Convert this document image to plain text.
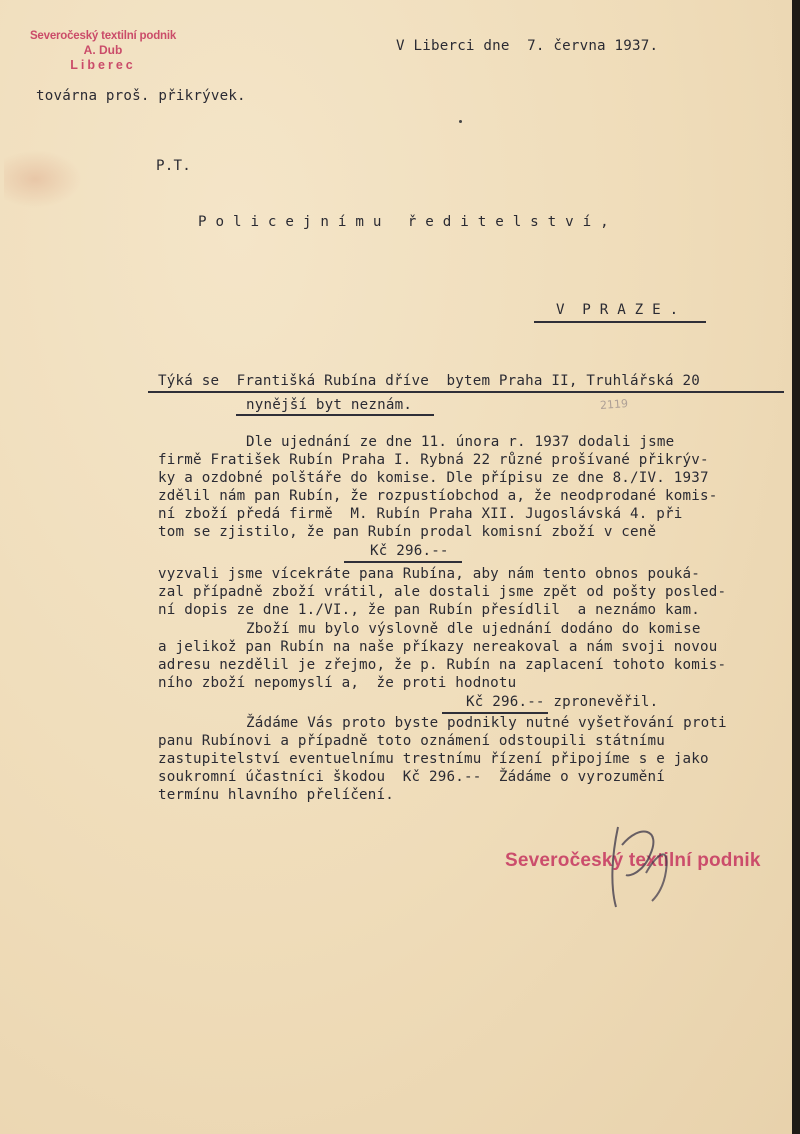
Severočeský textilní podnik
A. Dub
Liberec
V Liberci dne  7. června 1937.
továrna proš. přikrývek.
P.T.
P o l i c e j n í m u   ř e d i t e l s t v í ,
V  P R A Z E .
Týká se  Františká Rubína dříve  bytem Praha II, Truhlářská 20
nynější byt neznám.	2119
Dle ujednání ze dne 11. února r. 1937 dodali jsme
firmě Fratišek Rubín Praha I. Rybná 22 různé prošívané přikrýv-
ky a ozdobné polštáře do komise. Dle přípisu ze dne 8./IV. 1937
zdělil nám pan Rubín, že rozpustíobchod a, že neodprodané komis-
ní zboží předá firmě  M. Rubín Praha XII. Jugoslávská 4. při
tom se zjistilo, že pan Rubín prodal komisní zboží v ceně
Kč 296.--
vyzvali jsme vícekráte pana Rubína, aby nám tento obnos pouká-
zal případně zboží vrátil, ale dostali jsme zpět od pošty posled-
ní dopis ze dne 1./VI., že pan Rubín přesídlil  a neznámo kam.
Zboží mu bylo výslovně dle ujednání dodáno do komise
a jelikož pan Rubín na naše příkazy nereakoval a nám svoji novou
adresu nezdělil je zřejmo, že p. Rubín na zaplacení tohoto komis-
ního zboží nepomyslí a,  že proti hodnotu
Kč 296.-- zpronevěřil.
Žádáme Vás proto byste podnikly nutné vyšetřování proti
panu Rubínovi a případně toto oznámení odstoupili státnímu
zastupitelství eventuelnímu trestnímu řízení připojíme s e jako
soukromní účastníci škodou  Kč 296.--  Žádáme o vyrozumění
termínu hlavního přelíčení.
Severočeský textilní podnik
